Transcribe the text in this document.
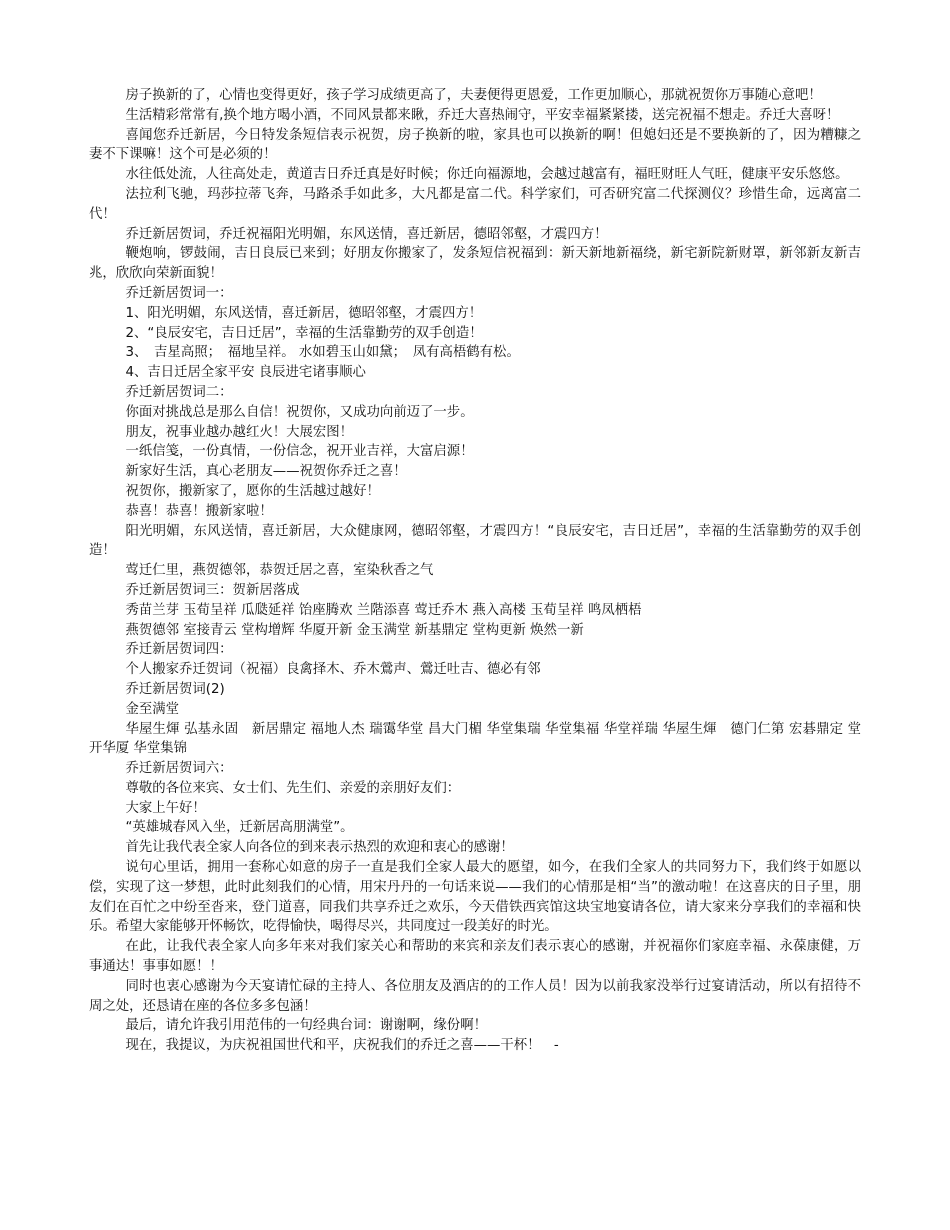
房子换新的了，心情也变得更好，孩子学习成绩更高了，夫妻便得更恩爱，工作更加顺心，那就祝贺你万事随心意吧！

生活精彩常常有,换个地方喝小酒，不同风景都来瞅，乔迁大喜热闹守，平安幸福紧紧搂，送完祝福不想走。乔迁大喜呀！

喜闻您乔迁新居，今日特发条短信表示祝贺，房子换新的啦，家具也可以换新的啊！但媳妇还是不要换新的了，因为糟糠之妻不下课嘛！这个可是必须的！

水往低处流，人往高处走，黄道吉日乔迁真是好时候；你迁向福源地，会越过越富有，福旺财旺人气旺，健康平安乐悠悠。

法拉利飞驰，玛莎拉蒂飞奔，马路杀手如此多，大凡都是富二代。科学家们，可否研究富二代探测仪？珍惜生命，远离富二代！

乔迁新居贺词，乔迁祝福阳光明媚，东风送情，喜迁新居，德昭邻壑，才震四方！

鞭炮响，锣鼓闹，吉日良辰已来到；好朋友你搬家了，发条短信祝福到：新天新地新福绕，新宅新院新财罩，新邻新友新吉兆，欣欣向荣新面貌！

乔迁新居贺词一：

1、阳光明媚，东风送情，喜迁新居，德昭邻壑，才震四方！

2、“良辰安宅，吉日迁居”，幸福的生活靠勤劳的双手创造！

3、　吉星高照；　福地呈祥。 水如碧玉山如黛；　凤有高梧鹤有松。

4、吉日迁居全家平安 良辰进宅诸事顺心

乔迁新居贺词二：

你面对挑战总是那么自信！祝贺你，又成功向前迈了一步。

朋友，祝事业越办越红火！大展宏图！

一纸信笺，一份真情，一份信念，祝开业吉祥，大富启源！

新家好生活，真心老朋友——祝贺你乔迁之喜！

祝贺你，搬新家了，愿你的生活越过越好！

恭喜！恭喜！搬新家啦！

阳光明媚，东风送情，喜迁新居，大众健康网，德昭邻壑，才震四方！“良辰安宅，吉日迁居”，幸福的生活靠勤劳的双手创造！

莺迁仁里，燕贺德邻，恭贺迁居之喜，室染秋香之气

乔迁新居贺词三：贺新居落成

秀苗兰芽 玉荀呈祥 瓜瓞延祥 饴座腾欢 兰階添喜 莺迁乔木 燕入高楼 玉荀呈祥 鸣凤栖梧

燕贺德邻 室接青云 堂构增辉 华厦开新 金玉满堂 新基鼎定 堂构更新 焕然一新

乔迁新居贺词四：

个人搬家乔迁贺词（祝福）良禽择木、乔木鶯声、鶯迁吐吉、德必有邻

乔迁新居贺词(2)

金至满堂

华屋生煇 弘基永固　新居鼎定 福地人杰 瑞霭华堂 昌大门楣 华堂集瑞 华堂集福 华堂祥瑞 华屋生煇　德门仁第 宏碁鼎定 堂开华厦 华堂集锦

乔迁新居贺词六：

尊敬的各位来宾、女士们、先生们、亲爱的亲朋好友们：

大家上午好！

“英雄城春风入坐，迁新居高朋满堂”。

首先让我代表全家人向各位的到来表示热烈的欢迎和衷心的感谢！

说句心里话，拥用一套称心如意的房子一直是我们全家人最大的愿望，如今，在我们全家人的共同努力下，我们终于如愿以偿，实现了这一梦想，此时此刻我们的心情，用宋丹丹的一句话来说——我们的心情那是相“当”的激动啦！在这喜庆的日子里，朋友们在百忙之中纷至沓来，登门道喜，同我们共享乔迁之欢乐，今天借铁西宾馆这块宝地宴请各位，请大家来分享我们的幸福和快乐。希望大家能够开怀畅饮，吃得愉快，喝得尽兴，共同度过一段美好的时光。

在此，让我代表全家人向多年来对我们家关心和帮助的来宾和亲友们表示衷心的感谢，并祝福你们家庭幸福、永葆康健，万事通达！事事如愿！！

同时也衷心感谢为今天宴请忙碌的主持人、各位朋友及酒店的的工作人员！因为以前我家没举行过宴请活动，所以有招待不周之处，还恳请在座的各位多多包涵！

最后，请允许我引用范伟的一句经典台词：谢谢啊，缘份啊！

现在，我提议，为庆祝祖国世代和平，庆祝我们的乔迁之喜——干杯！　-
